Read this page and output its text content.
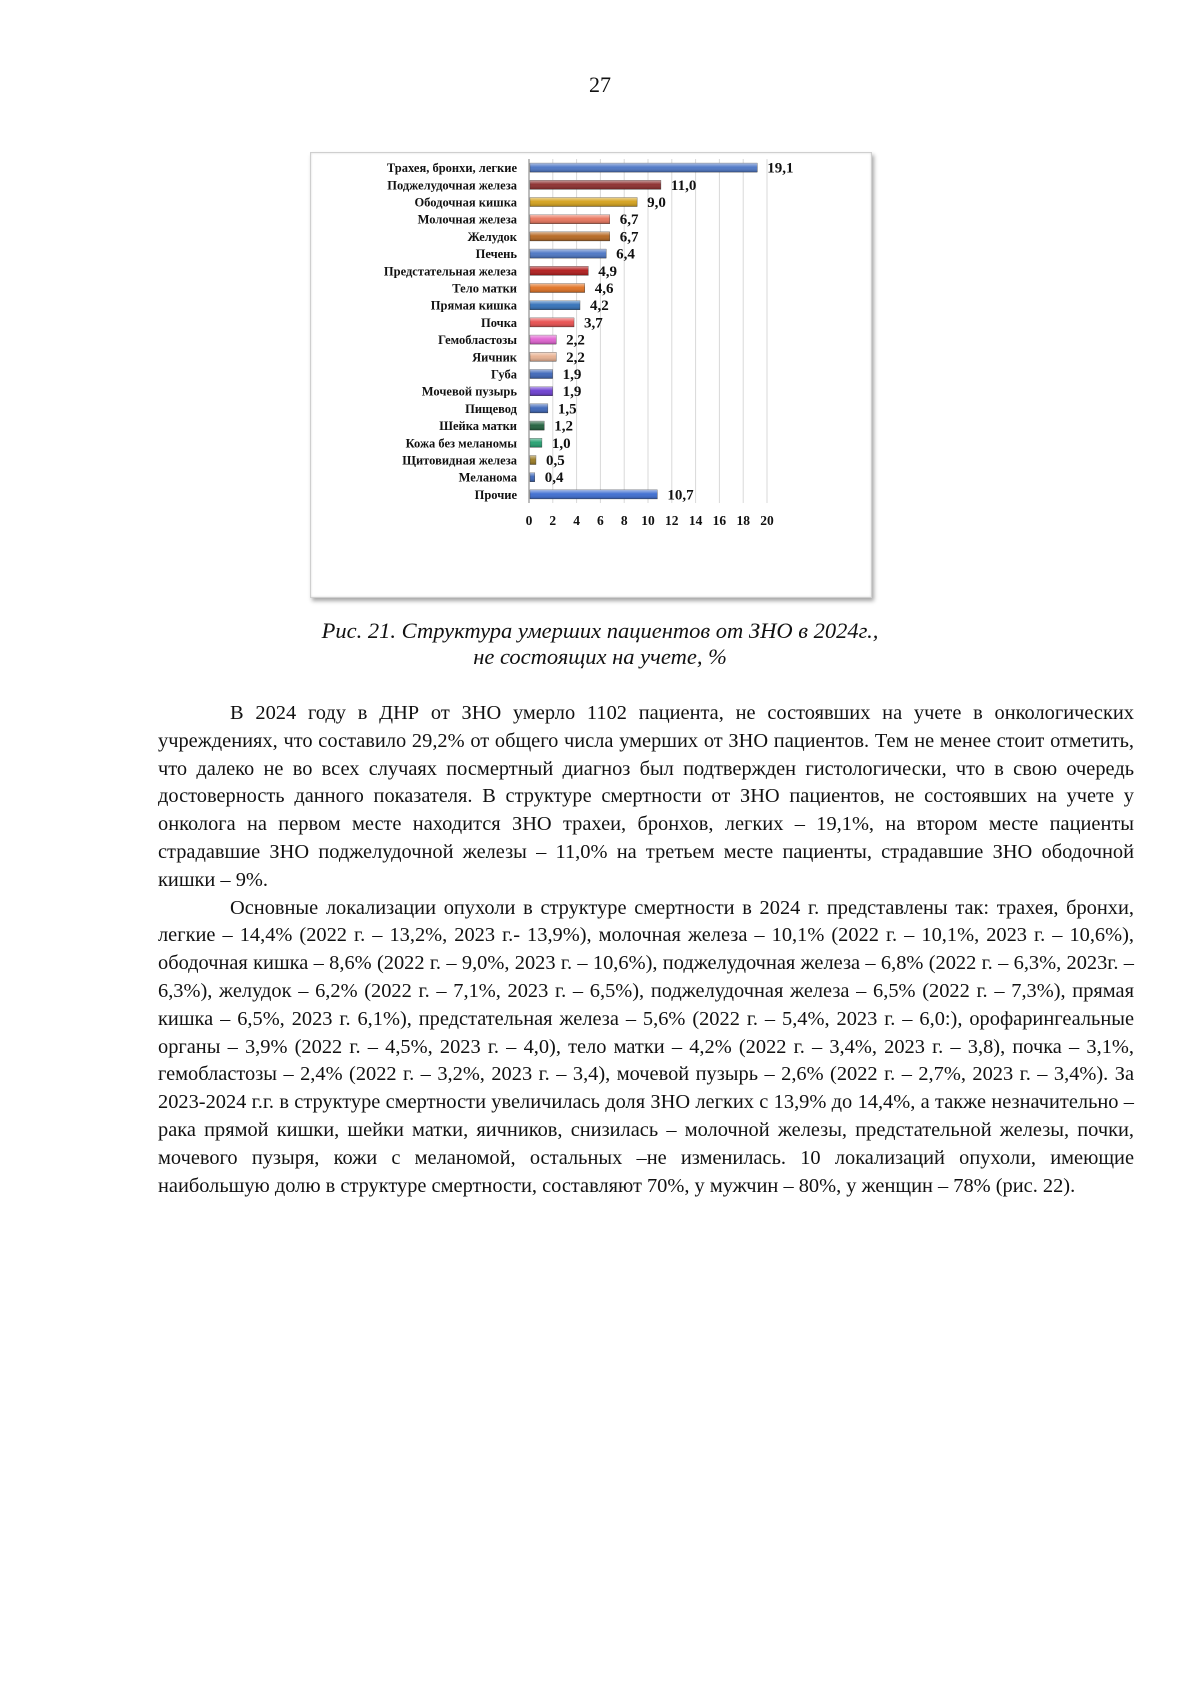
27
Трахея, бронхи, легкие	19,1
Поджелудочная железа	11,0
Ободочная кишка	9,0
Молочная железа	6,7
Желудок	6,7
Печень	6,4
Предстательная железа	4,9
Тело матки	4,6
Прямая кишка	4,2
Почка	3,7
Гемобластозы	2,2
Яичник	2,2
Губа	1,9
Мочевой пузырь	1,9
Пищевод	1,5
Шейка матки 1,2
Кожа без меланомы 1,0
Щитовидная железа 0,5
Меланома 0,4
Прочие	10,7
0 2 4 6 8 10 12 14 16 18 20
Рис. 21. Структура умерших пациентов от ЗНО в 2024г.,
не состоящих на учете, %

В 2024 году в ДНР от ЗНО умерло 1102 пациента, не состоявших на учете в онкологических учреждениях, что составило 29,2% от общего числа умерших от ЗНО пациентов. Тем не менее стоит отметить, что далеко не во всех случаях посмертный диагноз был подтвержден гистологически, что в свою очередь достоверность данного показателя. В структуре смертности от ЗНО пациентов, не состоявших на учете у онколога на первом месте находится ЗНО трахеи, бронхов, легких – 19,1%, на втором месте пациенты страдавшие ЗНО поджелудочной железы – 11,0% на третьем месте пациенты, страдавшие ЗНО ободочной кишки – 9%.

Основные локализации опухоли в структуре смертности в 2024 г. представлены так: трахея, бронхи, легкие – 14,4% (2022 г. – 13,2%, 2023 г.- 13,9%), молочная железа – 10,1% (2022 г. – 10,1%, 2023 г. – 10,6%), ободочная кишка – 8,6% (2022 г. – 9,0%, 2023 г. – 10,6%), поджелудочная железа – 6,8% (2022 г. – 6,3%, 2023г. – 6,3%), желудок – 6,2% (2022 г. – 7,1%, 2023 г. – 6,5%), поджелудочная железа – 6,5% (2022 г. – 7,3%), прямая кишка – 6,5%, 2023 г. 6,1%), предстательная железа – 5,6% (2022 г. – 5,4%, 2023 г. – 6,0:), орофарингеальные органы – 3,9% (2022 г. – 4,5%, 2023 г. – 4,0), тело матки – 4,2% (2022 г. – 3,4%, 2023 г. – 3,8), почка – 3,1%, гемобластозы – 2,4% (2022 г. – 3,2%, 2023 г. – 3,4), мочевой пузырь – 2,6% (2022 г. – 2,7%, 2023 г. – 3,4%). За 2023-2024 г.г. в структуре смертности увеличилась доля ЗНО легких с 13,9% до 14,4%, а также незначительно – рака прямой кишки, шейки матки, яичников, снизилась – молочной железы, предстательной железы, почки, мочевого пузыря, кожи с меланомой, остальных –не изменилась. 10 локализаций опухоли, имеющие наибольшую долю в структуре смертности, составляют 70%, у мужчин – 80%, у женщин – 78% (рис. 22).
